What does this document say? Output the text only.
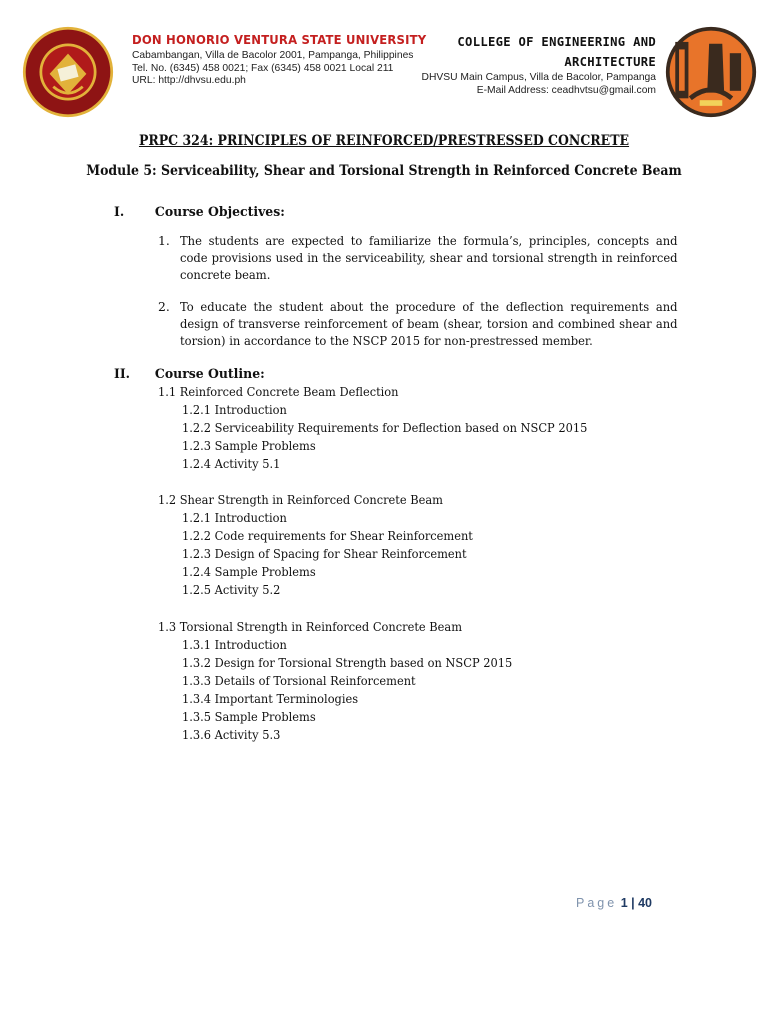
DON HONORIO VENTURA STATE UNIVERSITY
Cabambangan, Villa de Bacolor 2001, Pampanga, Philippines
Tel. No. (6345) 458 0021; Fax (6345) 458 0021 Local 211
URL: http://dhvsu.edu.ph
COLLEGE OF ENGINEERING AND
ARCHITECTURE
DHVSU Main Campus, Villa de Bacolor, Pampanga
E-Mail Address: ceadhvtsu@gmail.com
PRPC 324: PRINCIPLES OF REINFORCED/PRESTRESSED CONCRETE
Module 5: Serviceability, Shear and Torsional Strength in Reinforced Concrete Beam
I. Course Objectives:
1. The students are expected to familiarize the formula’s, principles, concepts and code provisions used in the serviceability, shear and torsional strength in reinforced concrete beam.
2. To educate the student about the procedure of the deflection requirements and design of transverse reinforcement of beam (shear, torsion and combined shear and torsion) in accordance to the NSCP 2015 for non-prestressed member.
II. Course Outline:
1.1 Reinforced Concrete Beam Deflection
1.2.1 Introduction
1.2.2 Serviceability Requirements for Deflection based on NSCP 2015
1.2.3 Sample Problems
1.2.4 Activity 5.1
1.2 Shear Strength in Reinforced Concrete Beam
1.2.1 Introduction
1.2.2 Code requirements for Shear Reinforcement
1.2.3 Design of Spacing for Shear Reinforcement
1.2.4 Sample Problems
1.2.5 Activity 5.2
1.3 Torsional Strength in Reinforced Concrete Beam
1.3.1 Introduction
1.3.2 Design for Torsional Strength based on NSCP 2015
1.3.3 Details of Torsional Reinforcement
1.3.4 Important Terminologies
1.3.5 Sample Problems
1.3.6 Activity 5.3
Page 1 | 40
